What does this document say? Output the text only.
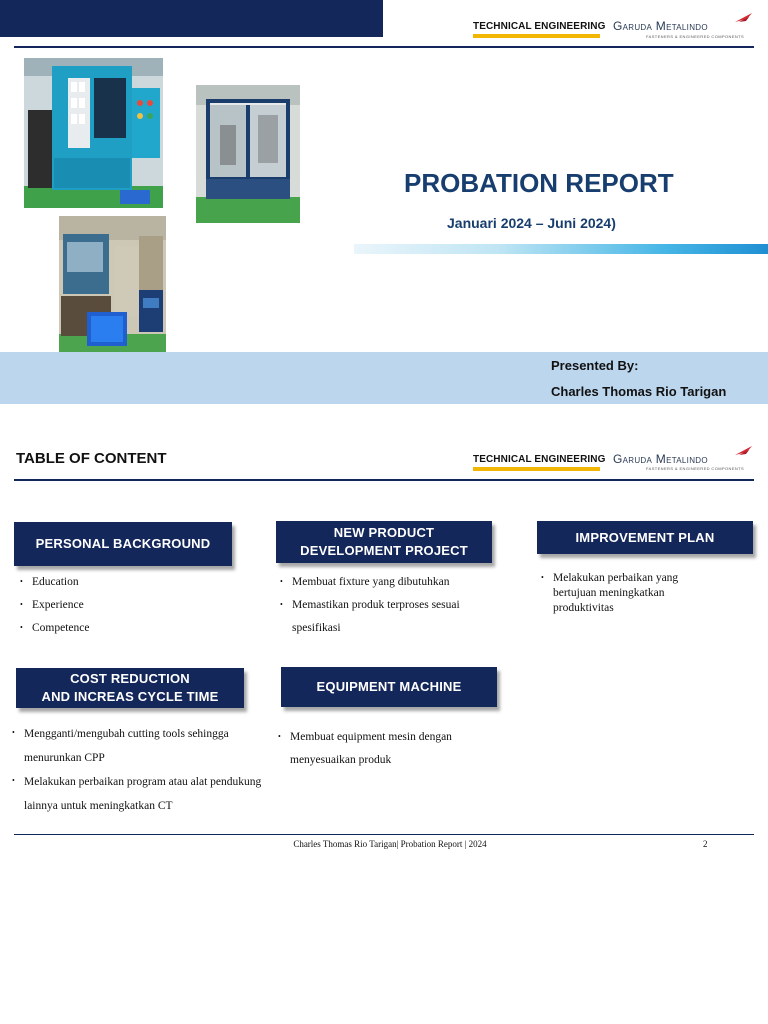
TECHNICAL ENGINEERING Garuda Metalindo
FASTENERS & ENGINEERED COMPONENTS
PROBATION REPORT
Januari 2024 – Juni 2024)
Presented By:
Charles Thomas Rio Tarigan
TABLE OF CONTENT	TECHNICAL ENGINEERING Garuda Metalindo
FASTENERS & ENGINEERED COMPONENTS
PERSONAL BACKGROUND
• Education
• Experience
• Competence
NEW PRODUCT
DEVELOPMENT PROJECT
• Membuat fixture yang dibutuhkan
• Memastikan produk terproses sesuai spesifikasi
IMPROVEMENT PLAN
• Melakukan perbaikan yang bertujuan meningkatkan produktivitas
COST REDUCTION
AND INCREAS CYCLE TIME
• Mengganti/mengubah cutting tools sehingga menurunkan CPP
• Melakukan perbaikan program atau alat pendukung lainnya untuk meningkatkan CT
EQUIPMENT MACHINE
• Membuat equipment mesin dengan menyesuaikan produk
Charles Thomas Rio Tarigan| Probation Report | 2024	2
